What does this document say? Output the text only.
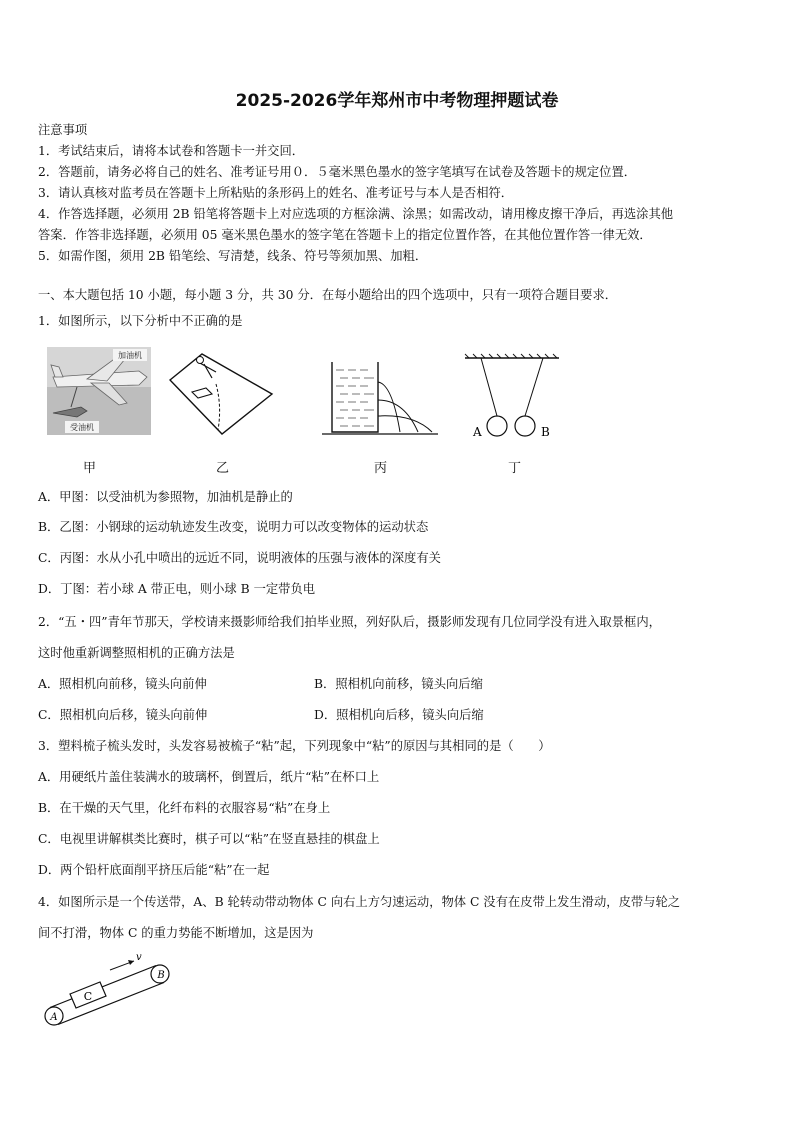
2025-2026学年郑州市中考物理押题试卷
注意事项
1．考试结束后，请将本试卷和答题卡一并交回．
2．答题前，请务必将自己的姓名、准考证号用０．５毫米黑色墨水的签字笔填写在试卷及答题卡的规定位置．
3．请认真核对监考员在答题卡上所粘贴的条形码上的姓名、准考证号与本人是否相符．
4．作答选择题，必须用 2B 铅笔将答题卡上对应选项的方框涂满、涂黑；如需改动，请用橡皮擦干净后，再选涂其他
答案．作答非选择题，必须用 05 毫米黑色墨水的签字笔在答题卡上的指定位置作答，在其他位置作答一律无效．
5．如需作图，须用 2B 铅笔绘、写清楚，线条、符号等须加黑、加粗．
一、本大题包括 10 小题，每小题 3 分，共 30 分．在每小题给出的四个选项中，只有一项符合题目要求．
1．如图所示，以下分析中不正确的是
加油机
受油机
甲	乙	丙
A	B
丁
A．甲图：以受油机为参照物，加油机是静止的
B．乙图：小钢球的运动轨迹发生改变，说明力可以改变物体的运动状态
C．丙图：水从小孔中喷出的远近不同，说明液体的压强与液体的深度有关
D．丁图：若小球 A 带正电，则小球 B 一定带负电
2．“五・四”青年节那天，学校请来摄影师给我们拍毕业照，列好队后，摄影师发现有几位同学没有进入取景框内，
这时他重新调整照相机的正确方法是
A．照相机向前移，镜头向前伸	B．照相机向前移，镜头向后缩
C．照相机向后移，镜头向前伸	D．照相机向后移，镜头向后缩
3．塑料梳子梳头发时，头发容易被梳子“粘”起，下列现象中“粘”的原因与其相同的是（　　）
A．用硬纸片盖住装满水的玻璃杯，倒置后，纸片“粘”在杯口上
B．在干燥的天气里，化纤布料的衣服容易“粘”在身上
C．电视里讲解棋类比赛时，棋子可以“粘”在竖直悬挂的棋盘上
D．两个铅杆底面削平挤压后能“粘”在一起
4．如图所示是一个传送带，A、B 轮转动带动物体 C 向右上方匀速运动，物体 C 没有在皮带上发生滑动，皮带与轮之
间不打滑，物体 C 的重力势能不断增加，这是因为
A
B
C
v
